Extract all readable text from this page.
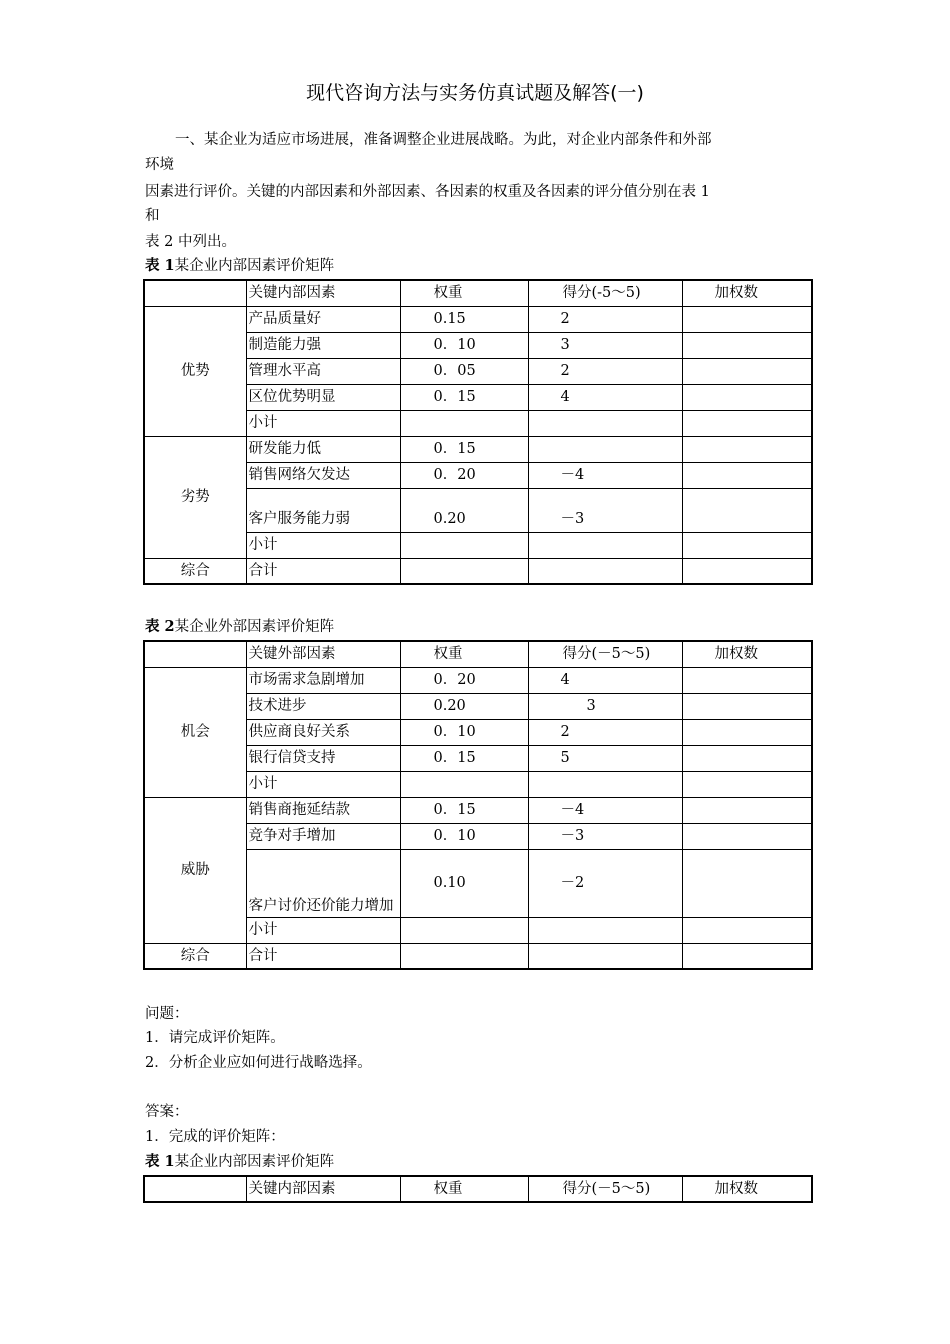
现代咨询方法与实务仿真试题及解答(一)
一、某企业为适应市场进展，准备调整企业进展战略。为此，对企业内部条件和外部
环境
因素进行评价。关键的内部因素和外部因素、各因素的权重及各因素的评分值分别在表 1
和
表 2 中列出。
表 1某企业内部因素评价矩阵
	关键内部因素	权重	得分(-5～5)	加权数
优势	产品质量好	0.15	2	
	制造能力强	0．10	3	
	管理水平高	0．05	2	
	区位优势明显	0．15	4	
	小计			
劣势	研发能力低	0．15		
	销售网络欠发达	0．20	－4	
	客户服务能力弱	0.20	－3	
	小计			
综合	合计			
表 2某企业外部因素评价矩阵
	关键外部因素	权重	得分(－5～5)	加权数
机会	市场需求急剧增加	0．20	4	
	技术进步	0.20	3	
	供应商良好关系	0．10	2	
	银行信贷支持	0．15	5	
	小计			
威胁	销售商拖延结款	0．15	－4	
	竞争对手增加	0．10	－3	
	客户讨价还价能力增加	0.10	－2	
	小计			
综合	合计			
问题：
1．请完成评价矩阵。
2．分析企业应如何进行战略选择。
答案：
1．完成的评价矩阵：
表 1某企业内部因素评价矩阵
	关键内部因素	权重	得分(－5～5)	加权数
